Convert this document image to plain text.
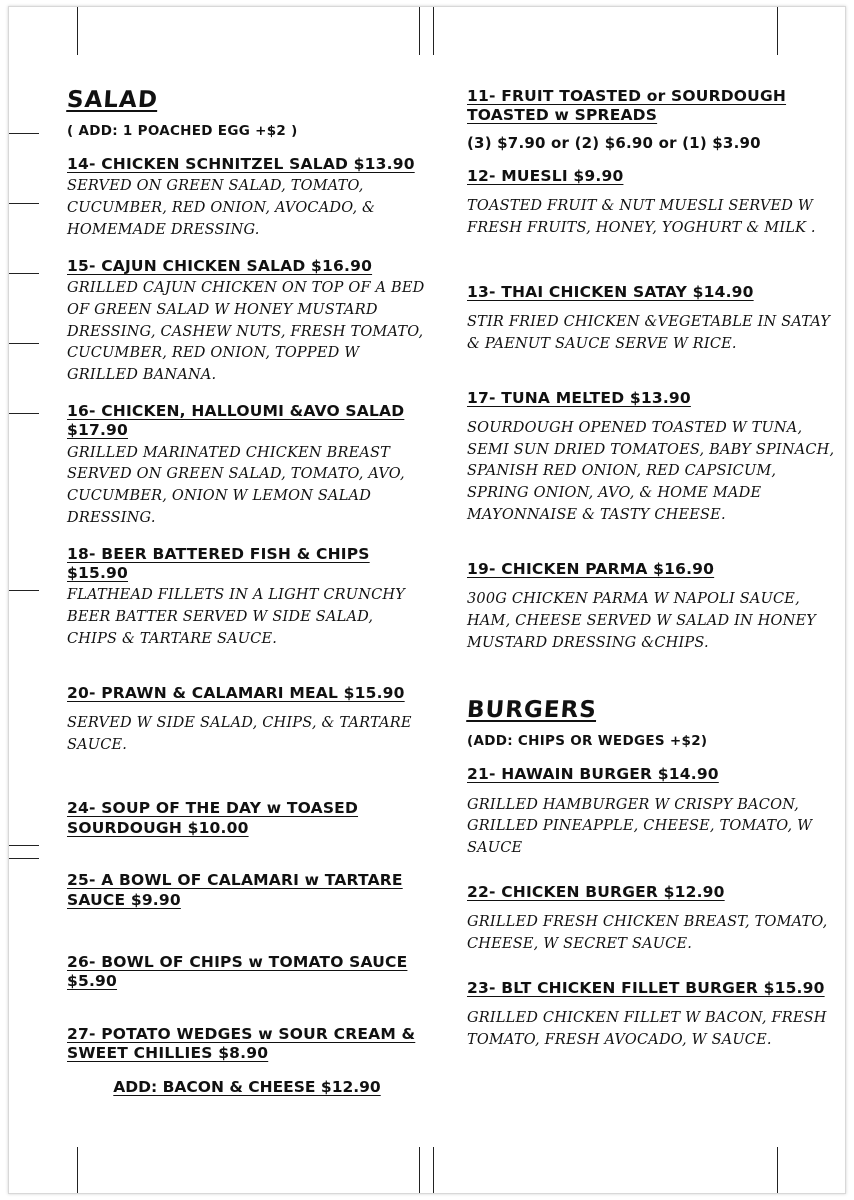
SALAD

( ADD: 1 POACHED EGG +$2 )

14- CHICKEN SCHNITZEL SALAD $13.90

SERVED ON GREEN SALAD, TOMATO, CUCUMBER, RED ONION, AVOCADO, & HOMEMADE DRESSING.

15- CAJUN CHICKEN SALAD $16.90

GRILLED CAJUN CHICKEN ON TOP OF A BED OF GREEN SALAD W HONEY MUSTARD DRESSING, CASHEW NUTS, FRESH TOMATO, CUCUMBER, RED ONION, TOPPED W GRILLED BANANA.

16- CHICKEN, HALLOUMI &AVO SALAD $17.90

GRILLED MARINATED CHICKEN BREAST SERVED ON GREEN SALAD, TOMATO, AVO, CUCUMBER, ONION W LEMON SALAD DRESSING.

18- BEER BATTERED FISH & CHIPS $15.90

FLATHEAD FILLETS IN A LIGHT CRUNCHY BEER BATTER SERVED W SIDE SALAD, CHIPS & TARTARE SAUCE.

20- PRAWN & CALAMARI MEAL $15.90

SERVED W SIDE SALAD, CHIPS, & TARTARE SAUCE.

24- SOUP OF THE DAY w TOASED SOURDOUGH $10.00
25- A BOWL OF CALAMARI w TARTARE SAUCE $9.90
26- BOWL OF CHIPS w TOMATO SAUCE $5.90
27- POTATO WEDGES w SOUR CREAM & SWEET CHILLIES $8.90
ADD: BACON & CHEESE $12.90
11- FRUIT TOASTED or SOURDOUGH TOASTED w SPREADS
(3) $7.90 or (2) $6.90 or (1) $3.90
12- MUESLI $9.90

TOASTED FRUIT & NUT MUESLI SERVED W FRESH FRUITS, HONEY, YOGHURT & MILK .

13- THAI CHICKEN SATAY $14.90

STIR FRIED CHICKEN &VEGETABLE IN SATAY & PAENUT SAUCE SERVE W RICE.

17- TUNA MELTED $13.90

SOURDOUGH OPENED TOASTED W TUNA, SEMI SUN DRIED TOMATOES, BABY SPINACH, SPANISH RED ONION, RED CAPSICUM, SPRING ONION, AVO, & HOME MADE MAYONNAISE & TASTY CHEESE.

19- CHICKEN PARMA $16.90

300G CHICKEN PARMA W NAPOLI SAUCE, HAM, CHEESE SERVED W SALAD IN HONEY MUSTARD DRESSING &CHIPS.

BURGERS

(ADD: CHIPS OR WEDGES +$2)

21- HAWAIN BURGER $14.90

GRILLED HAMBURGER W CRISPY BACON, GRILLED PINEAPPLE, CHEESE, TOMATO, W SAUCE

22- CHICKEN BURGER $12.90

GRILLED FRESH CHICKEN BREAST, TOMATO, CHEESE, W SECRET SAUCE.

23- BLT CHICKEN FILLET BURGER $15.90

GRILLED CHICKEN FILLET W BACON, FRESH TOMATO, FRESH AVOCADO, W SAUCE.
